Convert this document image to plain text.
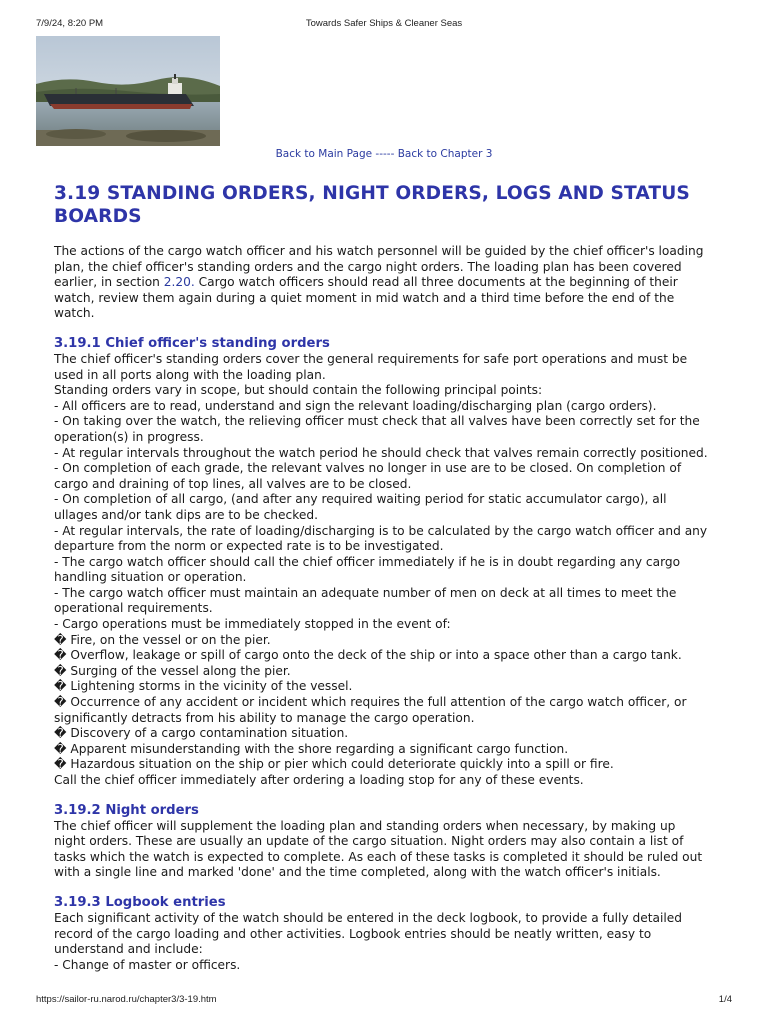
7/9/24, 8:20 PM	Towards Safer Ships & Cleaner Seas
Back to Main Page ----- Back to Chapter 3
3.19 STANDING ORDERS, NIGHT ORDERS, LOGS AND STATUS BOARDS

The actions of the cargo watch officer and his watch personnel will be guided by the chief officer's loading plan, the chief officer's standing orders and the cargo night orders. The loading plan has been covered earlier, in section 2.20. Cargo watch officers should read all three documents at the beginning of their watch, review them again during a quiet moment in mid watch and a third time before the end of the watch.

3.19.1 Chief officer's standing orders
The chief officer's standing orders cover the general requirements for safe port operations and must be used in all ports along with the loading plan.
Standing orders vary in scope, but should contain the following principal points:
- All officers are to read, understand and sign the relevant loading/discharging plan (cargo orders).
- On taking over the watch, the relieving officer must check that all valves have been correctly set for the operation(s) in progress.
- At regular intervals throughout the watch period he should check that valves remain correctly positioned.
- On completion of each grade, the relevant valves no longer in use are to be closed. On completion of cargo and draining of top lines, all valves are to be closed.
- On completion of all cargo, (and after any required waiting period for static accumulator cargo), all ullages and/or tank dips are to be checked.
- At regular intervals, the rate of loading/discharging is to be calculated by the cargo watch officer and any departure from the norm or expected rate is to be investigated.
- The cargo watch officer should call the chief officer immediately if he is in doubt regarding any cargo handling situation or operation.
- The cargo watch officer must maintain an adequate number of men on deck at all times to meet the operational requirements.
- Cargo operations must be immediately stopped in the event of:
� Fire, on the vessel or on the pier.
� Overflow, leakage or spill of cargo onto the deck of the ship or into a space other than a cargo tank.
� Surging of the vessel along the pier.
� Lightening storms in the vicinity of the vessel.
� Occurrence of any accident or incident which requires the full attention of the cargo watch officer, or significantly detracts from his ability to manage the cargo operation.
� Discovery of a cargo contamination situation.
� Apparent misunderstanding with the shore regarding a significant cargo function.
� Hazardous situation on the ship or pier which could deteriorate quickly into a spill or fire.
Call the chief officer immediately after ordering a loading stop for any of these events.
3.19.2 Night orders
The chief officer will supplement the loading plan and standing orders when necessary, by making up night orders. These are usually an update of the cargo situation. Night orders may also contain a list of tasks which the watch is expected to complete. As each of these tasks is completed it should be ruled out with a single line and marked 'done' and the time completed, along with the watch officer's initials.
3.19.3 Logbook entries
Each significant activity of the watch should be entered in the deck logbook, to provide a fully detailed record of the cargo loading and other activities. Logbook entries should be neatly written, easy to understand and include:
- Change of master or officers.
https://sailor-ru.narod.ru/chapter3/3-19.htm	1/4
